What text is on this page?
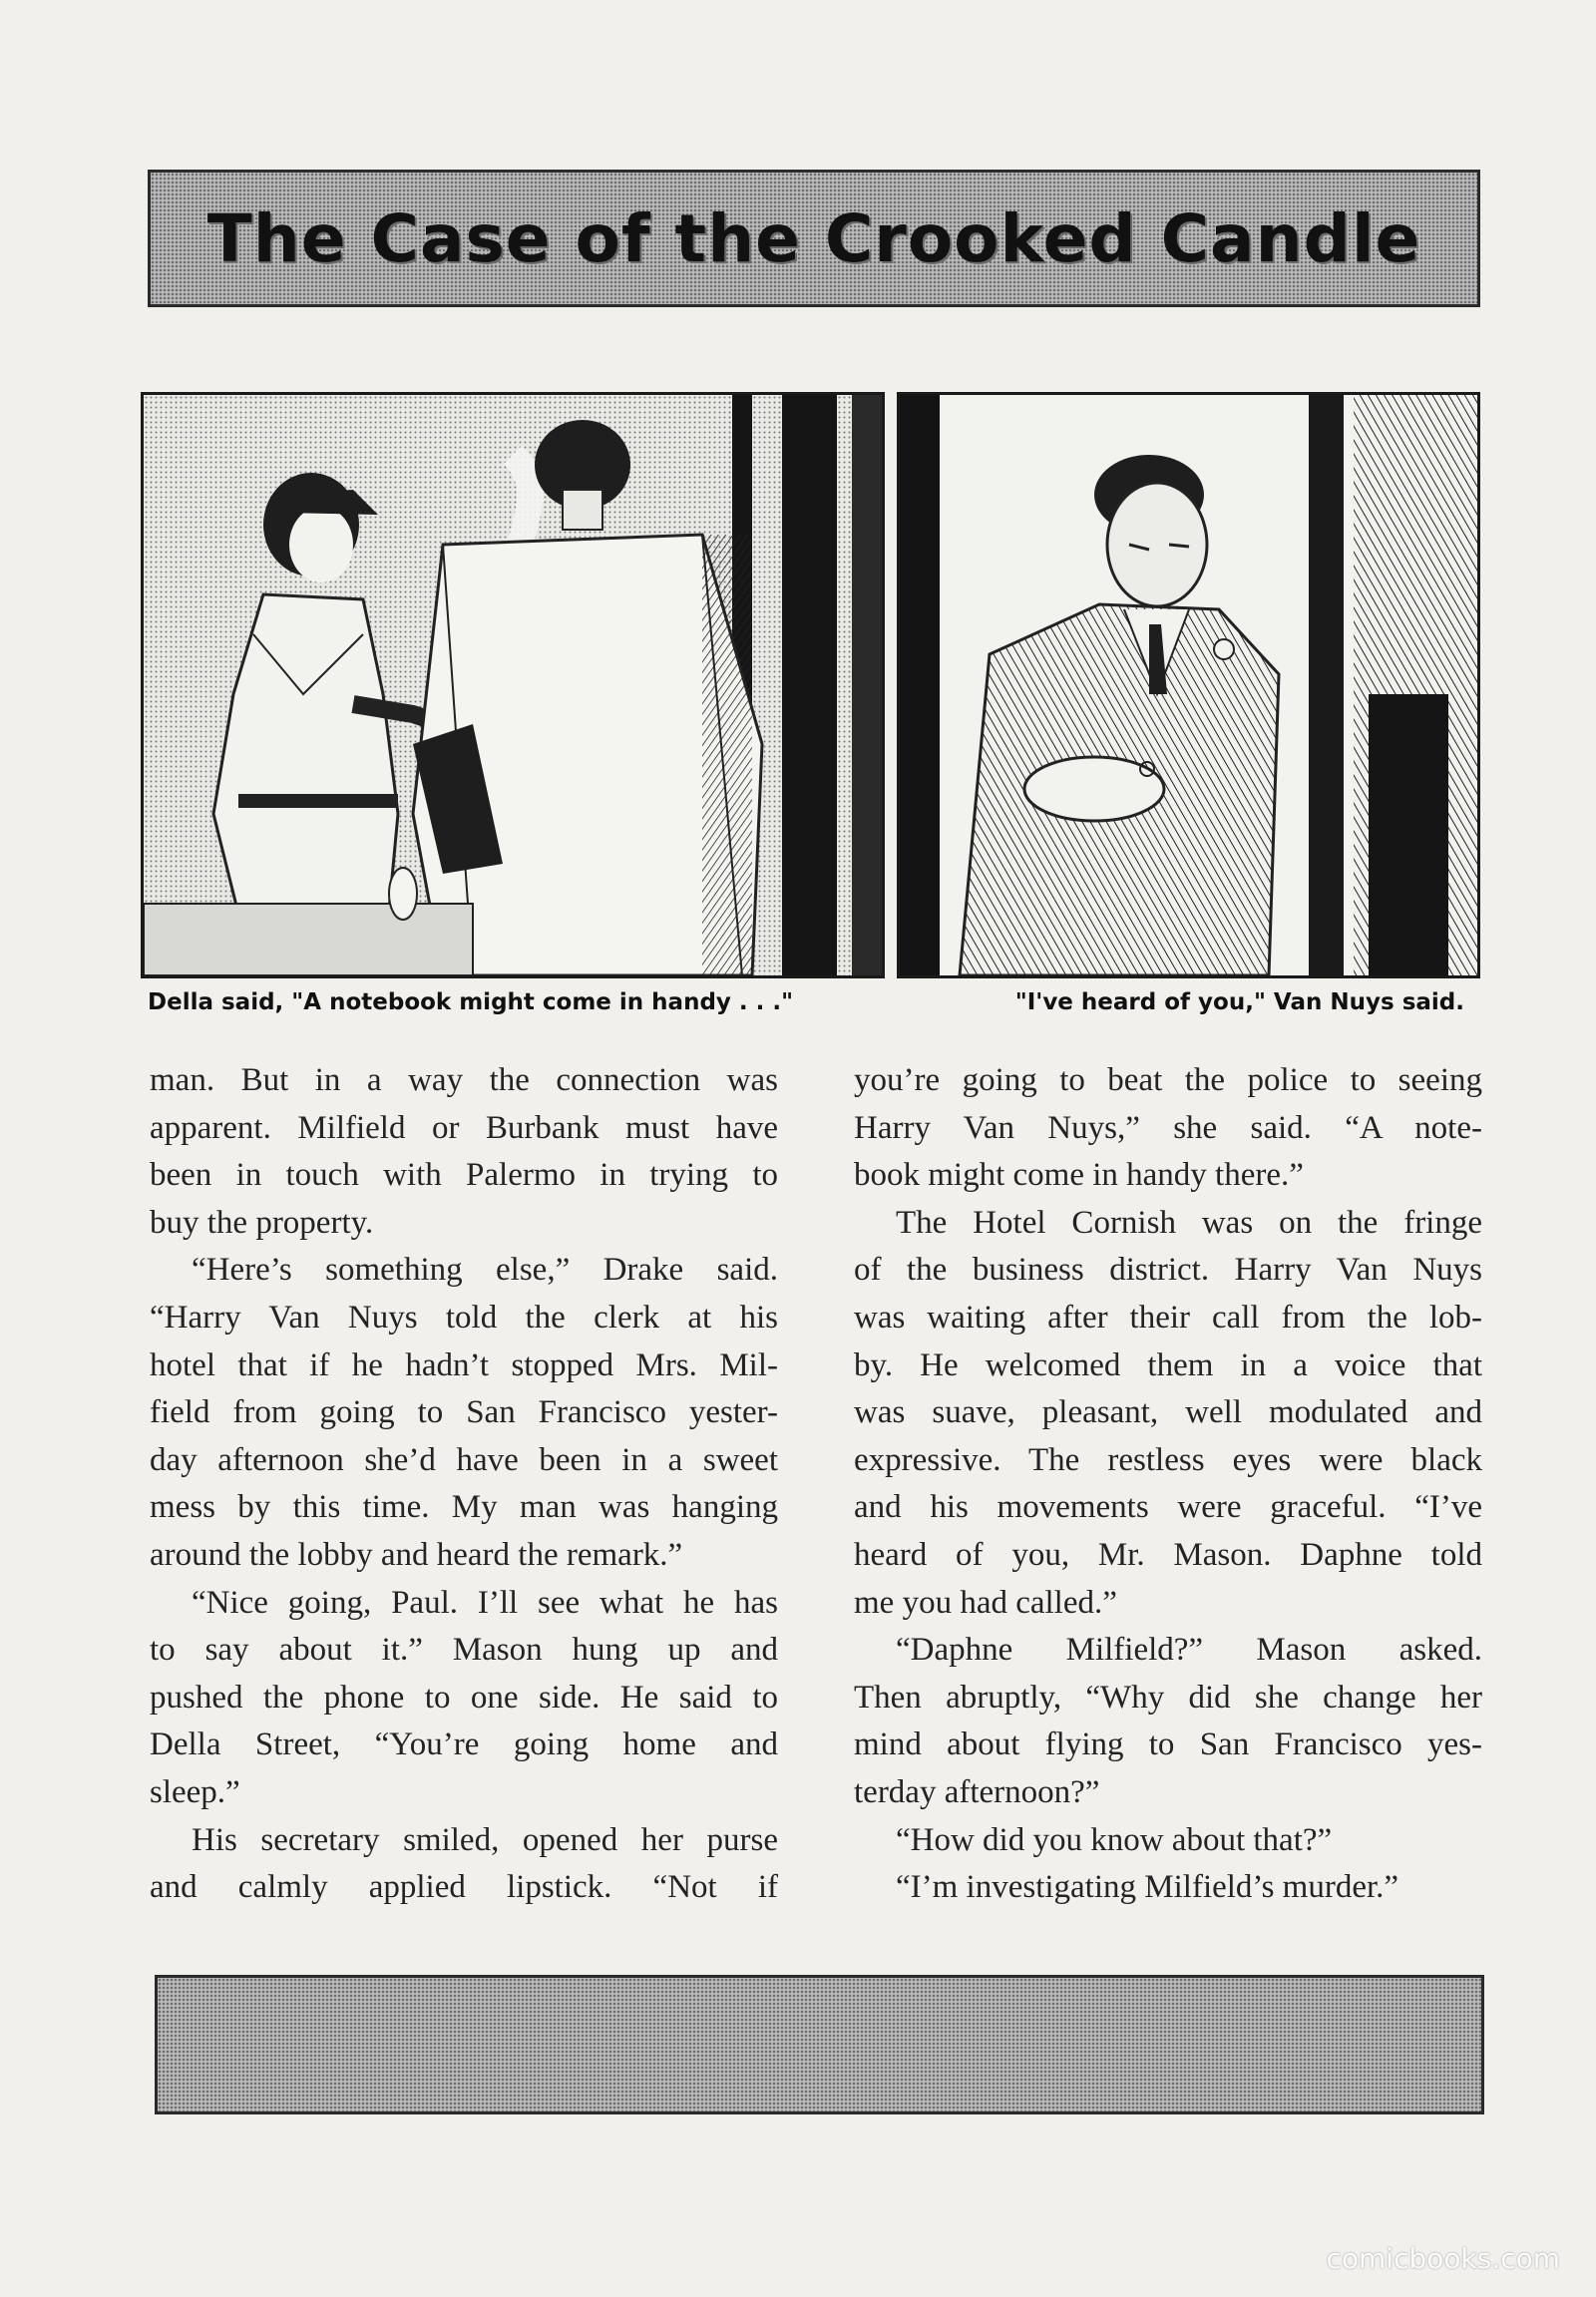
The Case of the Crooked Candle
Della said, "A notebook might come in handy . . ."	"I've heard of you," Van Nuys said.

man. But in a way the connection was

apparent. Milfield or Burbank must have

been in touch with Palermo in trying to

buy the property.

“Here’s something else,” Drake said.

“Harry Van Nuys told the clerk at his

hotel that if he hadn’t stopped Mrs. Mil-

field from going to San Francisco yester-

day afternoon she’d have been in a sweet

mess by this time. My man was hanging

around the lobby and heard the remark.”

“Nice going, Paul. I’ll see what he has

to say about it.” Mason hung up and

pushed the phone to one side. He said to

Della Street, “You’re going home and

sleep.”

His secretary smiled, opened her purse

and calmly applied lipstick. “Not if

you’re going to beat the police to seeing

Harry Van Nuys,” she said. “A note-

book might come in handy there.”

The Hotel Cornish was on the fringe

of the business district. Harry Van Nuys

was waiting after their call from the lob-

by. He welcomed them in a voice that

was suave, pleasant, well modulated and

expressive. The restless eyes were black

and his movements were graceful. “I’ve

heard of you, Mr. Mason. Daphne told

me you had called.”

“Daphne Milfield?” Mason asked.

Then abruptly, “Why did she change her

mind about flying to San Francisco yes-

terday afternoon?”

“How did you know about that?”

“I’m investigating Milfield’s murder.”

comicbooks.com
